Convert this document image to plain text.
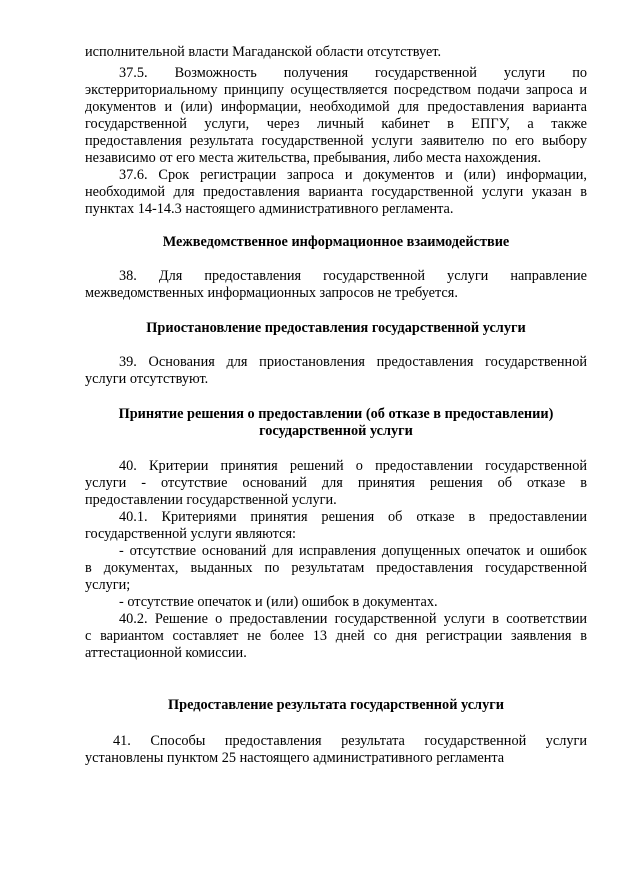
исполнительной власти Магаданской области отсутствует.
37.5. Возможность получения государственной услуги по
экстерриториальному принципу осуществляется посредством подачи запроса и
документов и (или) информации, необходимой для предоставления варианта
государственной услуги, через личный кабинет в ЕПГУ, а также
предоставления результата государственной услуги заявителю по его выбору
независимо от его места жительства, пребывания, либо места нахождения.
37.6. Срок регистрации запроса и документов и (или) информации,
необходимой для предоставления варианта государственной услуги указан в
пунктах 14-14.3 настоящего административного регламента.
Межведомственное информационное взаимодействие
38. Для предоставления государственной услуги направление
межведомственных информационных запросов не требуется.
Приостановление предоставления государственной услуги
39. Основания для приостановления предоставления государственной
услуги отсутствуют.
Принятие решения о предоставлении (об отказе в предоставлении)
государственной услуги
40. Критерии принятия решений о предоставлении государственной
услуги - отсутствие оснований для принятия решения об отказе в
предоставлении государственной услуги.
40.1. Критериями принятия решения об отказе в предоставлении
государственной услуги являются:
- отсутствие оснований для исправления допущенных опечаток и ошибок
в документах, выданных по результатам предоставления государственной
услуги;
- отсутствие опечаток и (или) ошибок в документах.
40.2. Решение о предоставлении государственной услуги в соответствии
с вариантом составляет не более 13 дней со дня регистрации заявления в
аттестационной комиссии.
Предоставление результата государственной услуги
41. Способы предоставления результата государственной услуги
установлены пунктом 25 настоящего административного регламента
